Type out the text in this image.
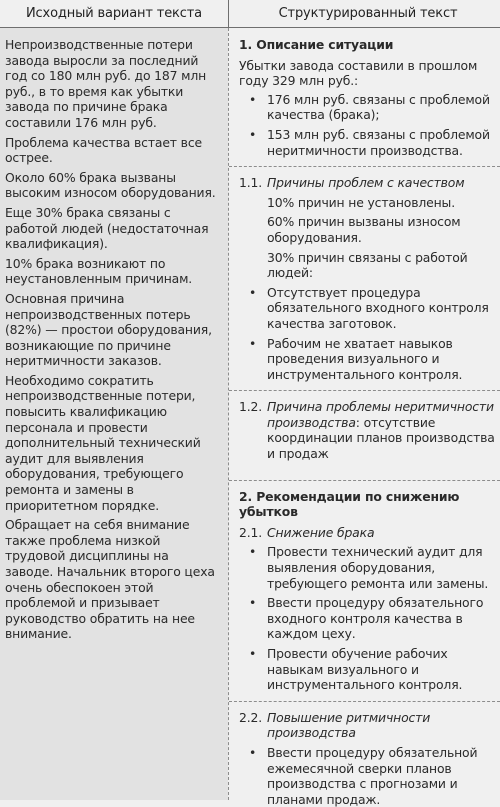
Исходный вариант текста	Структурированный текст

Непроизводственные потери завода выросли за последний год со 180 млн руб. до 187 млн руб., в то время как убытки завода по причине брака составили 176 млн руб.

Проблема качества встает все острее.

Около 60% брака вызваны высоким износом оборудования.

Еще 30% брака связаны с работой людей (недостаточная квалификация).

10% брака возникают по неустановленным причинам.

Основная причина непроизводственных потерь (82%) — простои оборудования, возникающие по причине неритмичности заказов.

Необходимо сократить непроизводственные потери, повысить квалификацию персонала и провести дополнительный технический аудит для выявления оборудования, требующего ремонта и замены в приоритетном порядке.

Обращает на себя внимание также проблема низкой трудовой дисциплины на заводе. Начальник второго цеха очень обеспокоен этой проблемой и призывает руководство обратить на нее внимание.

1. Описание ситуации

Убытки завода составили в прошлом году 329 млн руб.:

• 176 млн руб. связаны с проблемой качества (брака);
• 153 млн руб. связаны с проблемой неритмичности производства.
1.1. Причины проблем с качеством
10% причин не установлены.
60% причин вызваны износом оборудования.
30% причин связаны с работой людей:
• Отсутствует процедура обязательного входного контроля качества заготовок.
• Рабочим не хватает навыков проведения визуального и инструментального контроля.
1.2. Причина проблемы неритмичности производства: отсутствие координации планов производства и продаж
2. Рекомендации по снижению убытков
2.1. Снижение брака
• Провести технический аудит для выявления оборудования, требующего ремонта или замены.
• Ввести процедуру обязательного входного контроля качества в каждом цеху.
• Провести обучение рабочих навыкам визуального и инструментального контроля.
2.2. Повышение ритмичности производства
• Ввести процедуру обязательной ежемесячной сверки планов производства с прогнозами и планами продаж.
